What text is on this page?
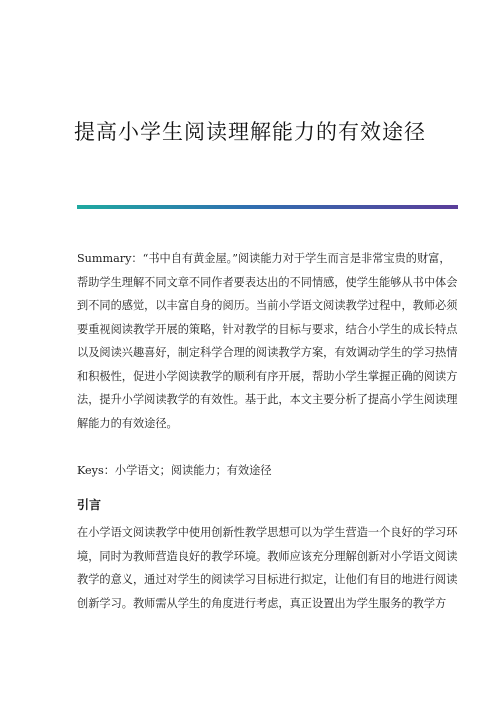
提高小学生阅读理解能力的有效途径
Summary：“书中自有黄金屋。”阅读能力对于学生而言是非常宝贵的财富，
帮助学生理解不同文章不同作者要表达出的不同情感，使学生能够从书中体会
到不同的感觉，以丰富自身的阅历。当前小学语文阅读教学过程中，教师必须
要重视阅读教学开展的策略，针对教学的目标与要求，结合小学生的成长特点
以及阅读兴趣喜好，制定科学合理的阅读教学方案，有效调动学生的学习热情
和积极性，促进小学阅读教学的顺利有序开展，帮助小学生掌握正确的阅读方
法，提升小学阅读教学的有效性。基于此，本文主要分析了提高小学生阅读理
解能力的有效途径。
Keys：小学语文；阅读能力；有效途径
引言
在小学语文阅读教学中使用创新性教学思想可以为学生营造一个良好的学习环
境，同时为教师营造良好的教学环境。教师应该充分理解创新对小学语文阅读
教学的意义，通过对学生的阅读学习目标进行拟定，让他们有目的地进行阅读
创新学习。教师需从学生的角度进行考虑，真正设置出为学生服务的教学方
